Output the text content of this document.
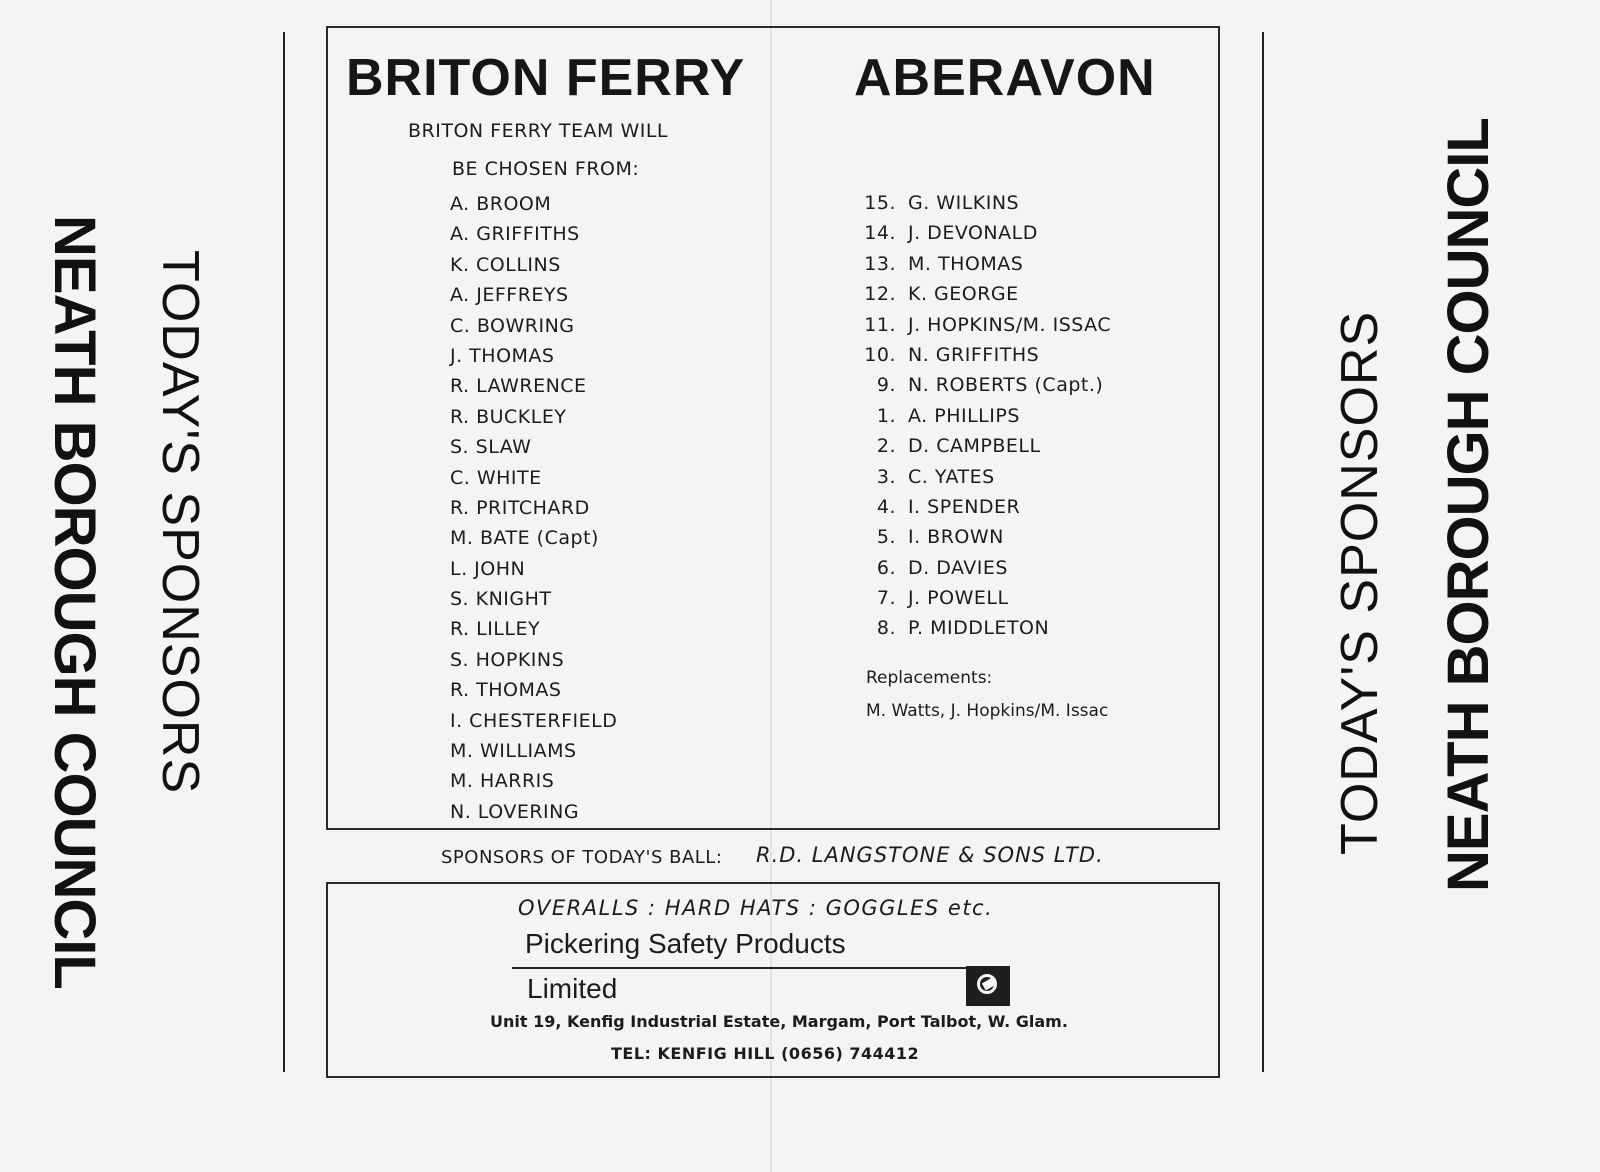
NEATH BOROUGH COUNCIL TODAY'S SPONSORS	TODAY'S SPONSORS NEATH BOROUGH COUNCIL
BRITON FERRY
BRITON FERRY TEAM WILL
BE CHOSEN FROM:
A. BROOM
A. GRIFFITHS
K. COLLINS
A. JEFFREYS
C. BOWRING
J. THOMAS
R. LAWRENCE
R. BUCKLEY
S. SLAW
C. WHITE
R. PRITCHARD
M. BATE (Capt)
L. JOHN
S. KNIGHT
R. LILLEY
S. HOPKINS
R. THOMAS
I. CHESTERFIELD
M. WILLIAMS
M. HARRIS
N. LOVERING
ABERAVON
15. G. WILKINS
14. J. DEVONALD
13. M. THOMAS
12. K. GEORGE
11. J. HOPKINS/M. ISSAC
10. N. GRIFFITHS
9. N. ROBERTS (Capt.)
1. A. PHILLIPS
2. D. CAMPBELL
3. C. YATES
4. I. SPENDER
5. I. BROWN
6. D. DAVIES
7. J. POWELL
8. P. MIDDLETON
Replacements:
M. Watts, J. Hopkins/M. Issac
SPONSORS OF TODAY'S BALL: R.D. LANGSTONE & SONS LTD.
OVERALLS : HARD HATS : GOGGLES etc.
Pickering Safety Products
Limited
Unit 19, Kenfig Industrial Estate, Margam, Port Talbot, W. Glam.
TEL: KENFIG HILL (0656) 744412
